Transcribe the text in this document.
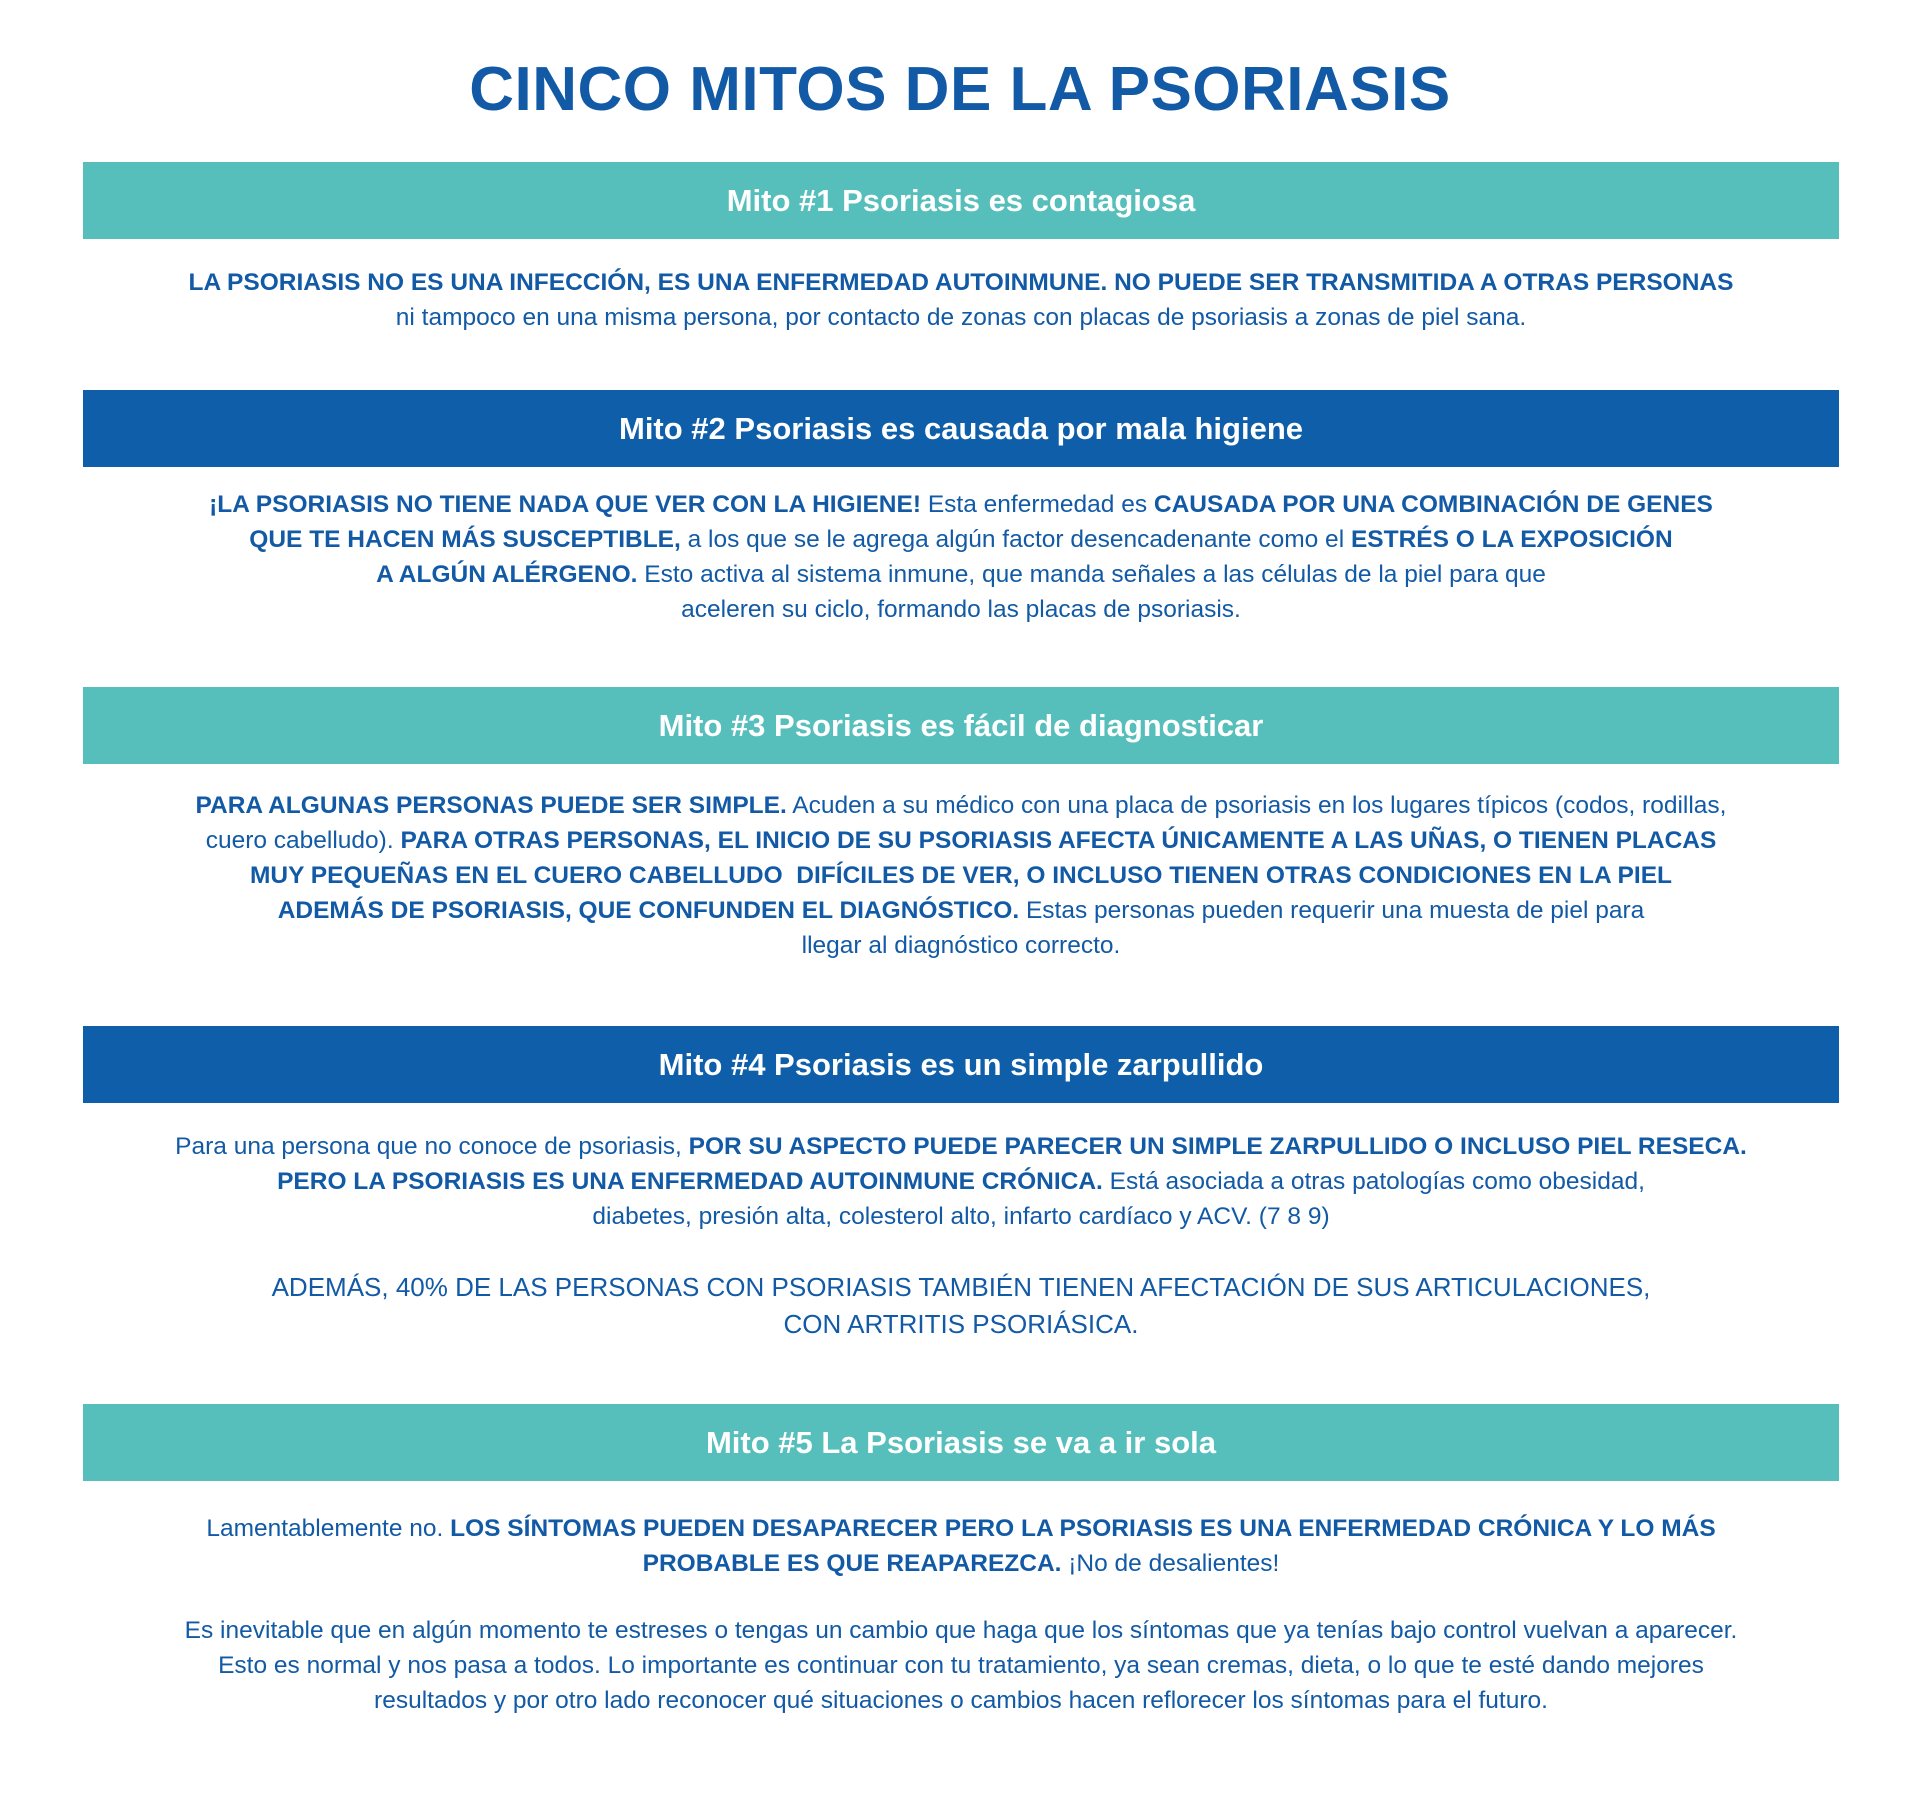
CINCO MITOS DE LA PSORIASIS
Mito #1 Psoriasis es contagiosa

LA PSORIASIS NO ES UNA INFECCIÓN, ES UNA ENFERMEDAD AUTOINMUNE. NO PUEDE SER TRANSMITIDA A OTRAS PERSONAS

ni tampoco en una misma persona, por contacto de zonas con placas de psoriasis a zonas de piel sana.

Mito #2 Psoriasis es causada por mala higiene

¡LA PSORIASIS NO TIENE NADA QUE VER CON LA HIGIENE! Esta enfermedad es CAUSADA POR UNA COMBINACIÓN DE GENES

QUE TE HACEN MÁS SUSCEPTIBLE, a los que se le agrega algún factor desencadenante como el ESTRÉS O LA EXPOSICIÓN

A ALGÚN ALÉRGENO. Esto activa al sistema inmune, que manda señales a las células de la piel para que

aceleren su ciclo, formando las placas de psoriasis.

Mito #3 Psoriasis es fácil de diagnosticar

PARA ALGUNAS PERSONAS PUEDE SER SIMPLE. Acuden a su médico con una placa de psoriasis en los lugares típicos (codos, rodillas,

cuero cabelludo). PARA OTRAS PERSONAS, EL INICIO DE SU PSORIASIS AFECTA ÚNICAMENTE A LAS UÑAS, O TIENEN PLACAS

MUY PEQUEÑAS EN EL CUERO CABELLUDO  DIFÍCILES DE VER, O INCLUSO TIENEN OTRAS CONDICIONES EN LA PIEL

ADEMÁS DE PSORIASIS, QUE CONFUNDEN EL DIAGNÓSTICO. Estas personas pueden requerir una muesta de piel para

llegar al diagnóstico correcto.

Mito #4 Psoriasis es un simple zarpullido

Para una persona que no conoce de psoriasis, POR SU ASPECTO PUEDE PARECER UN SIMPLE ZARPULLIDO O INCLUSO PIEL RESECA.

PERO LA PSORIASIS ES UNA ENFERMEDAD AUTOINMUNE CRÓNICA. Está asociada a otras patologías como obesidad,

diabetes, presión alta, colesterol alto, infarto cardíaco y ACV. (7 8 9)

ADEMÁS, 40% DE LAS PERSONAS CON PSORIASIS TAMBIÉN TIENEN AFECTACIÓN DE SUS ARTICULACIONES,

CON ARTRITIS PSORIÁSICA.

Mito #5 La Psoriasis se va a ir sola

Lamentablemente no. LOS SÍNTOMAS PUEDEN DESAPARECER PERO LA PSORIASIS ES UNA ENFERMEDAD CRÓNICA Y LO MÁS

PROBABLE ES QUE REAPAREZCA. ¡No de desalientes!

Es inevitable que en algún momento te estreses o tengas un cambio que haga que los síntomas que ya tenías bajo control vuelvan a aparecer.

Esto es normal y nos pasa a todos. Lo importante es continuar con tu tratamiento, ya sean cremas, dieta, o lo que te esté dando mejores

resultados y por otro lado reconocer qué situaciones o cambios hacen reflorecer los síntomas para el futuro.
